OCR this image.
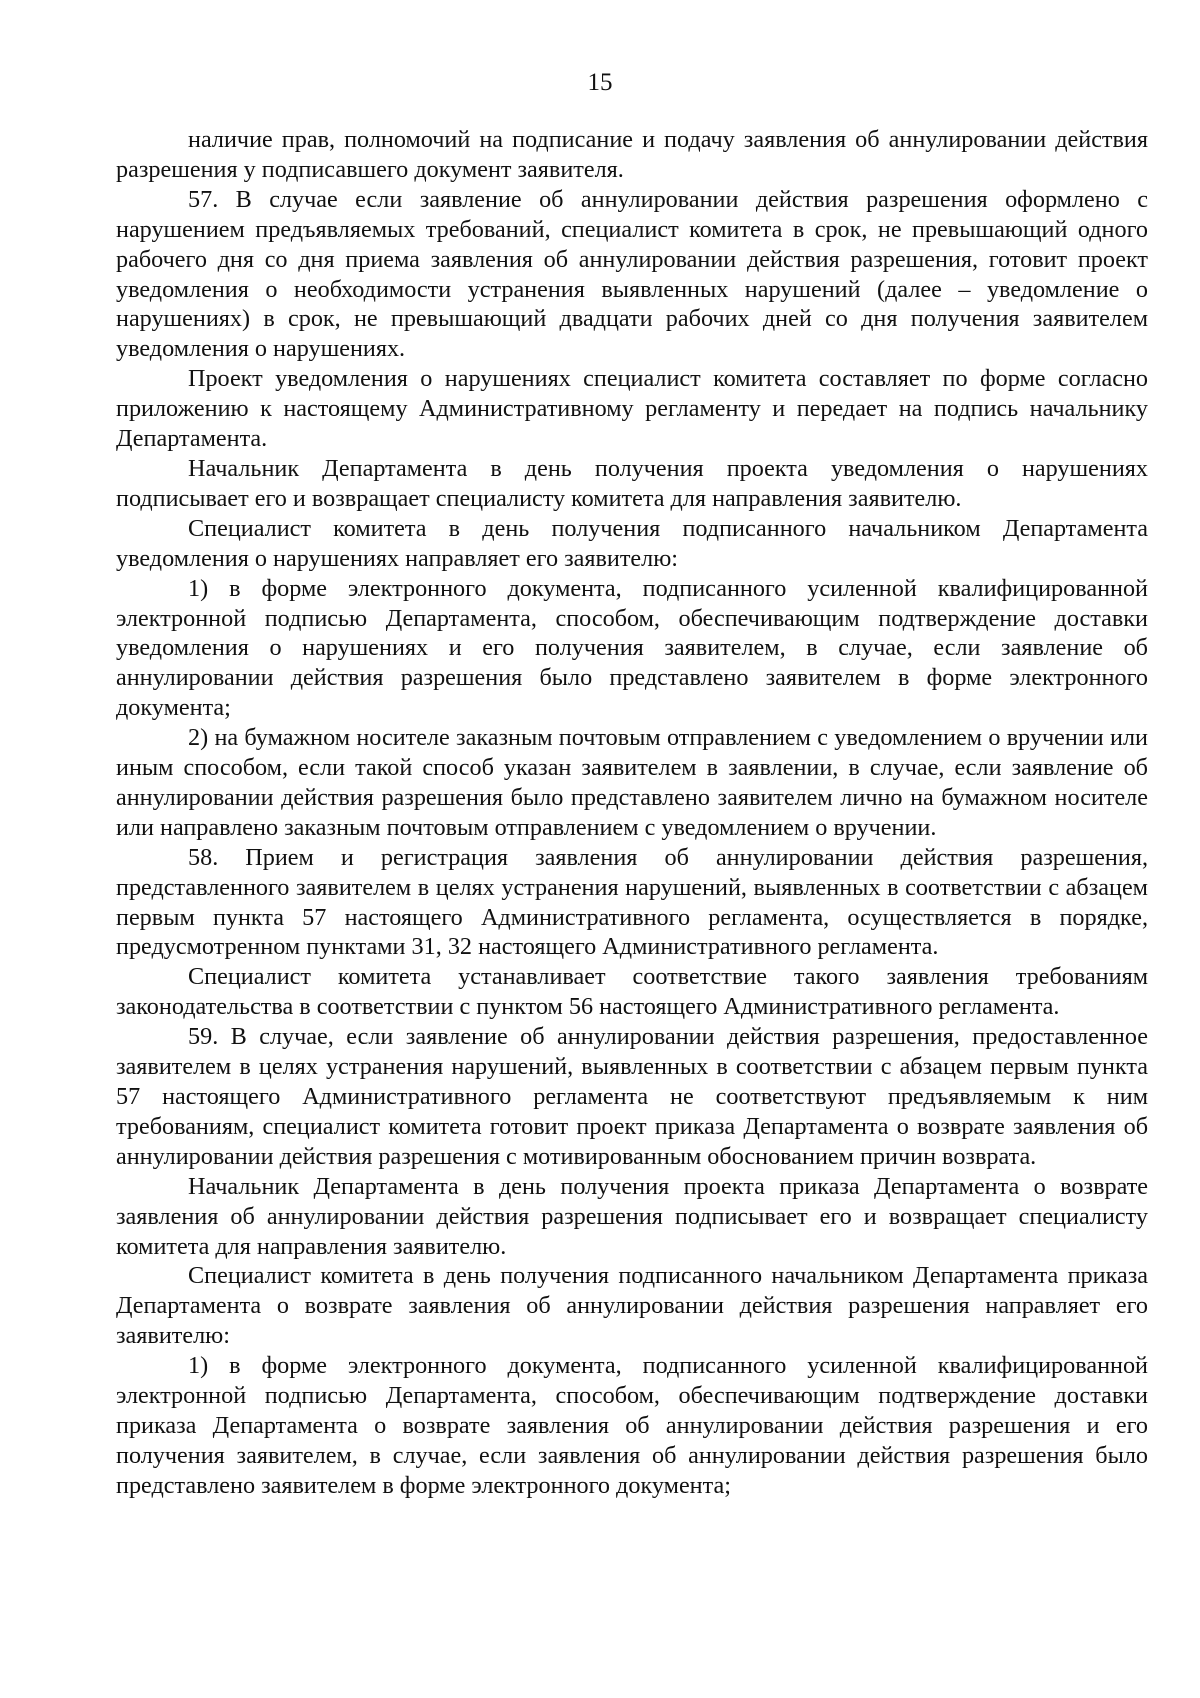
15

наличие прав, полномочий на подписание и подачу заявления об аннулировании действия разрешения у подписавшего документ заявителя.

57. В случае если заявление об аннулировании действия разрешения оформлено с нарушением предъявляемых требований, специалист комитета в срок, не превышающий одного рабочего дня со дня приема заявления об аннулировании действия разрешения, готовит проект уведомления о необходимости устранения выявленных нарушений (далее – уведомление о нарушениях) в срок, не превышающий двадцати рабочих дней со дня получения заявителем уведомления о нарушениях.

Проект уведомления о нарушениях специалист комитета составляет по форме согласно приложению к настоящему Административному регламенту и передает на подпись начальнику Департамента.

Начальник Департамента в день получения проекта уведомления о нарушениях подписывает его и возвращает специалисту комитета для направления заявителю.

Специалист комитета в день получения подписанного начальником Департамента уведомления о нарушениях направляет его заявителю:

1) в форме электронного документа, подписанного усиленной квалифицированной электронной подписью Департамента, способом, обеспечивающим подтверждение доставки уведомления о нарушениях и его получения заявителем, в случае, если заявление об аннулировании действия разрешения было представлено заявителем в форме электронного документа;

2) на бумажном носителе заказным почтовым отправлением с уведомлением о вручении или иным способом, если такой способ указан заявителем в заявлении, в случае, если заявление об аннулировании действия разрешения было представлено заявителем лично на бумажном носителе или направлено заказным почтовым отправлением с уведомлением о вручении.

58. Прием и регистрация заявления об аннулировании действия разрешения, представленного заявителем в целях устранения нарушений, выявленных в соответствии с абзацем первым пункта 57 настоящего Административного регламента, осуществляется в порядке, предусмотренном пунктами 31, 32 настоящего Административного регламента.

Специалист комитета устанавливает соответствие такого заявления требованиям законодательства в соответствии с пунктом 56 настоящего Административного регламента.

59. В случае, если заявление об аннулировании действия разрешения, предоставленное заявителем в целях устранения нарушений, выявленных в соответствии с абзацем первым пункта 57 настоящего Административного регламента не соответствуют предъявляемым к ним требованиям, специалист комитета готовит проект приказа Департамента о возврате заявления об аннулировании действия разрешения с мотивированным обоснованием причин возврата.

Начальник Департамента в день получения проекта приказа Департамента о возврате заявления об аннулировании действия разрешения подписывает его и возвращает специалисту комитета для направления заявителю.

Специалист комитета в день получения подписанного начальником Департамента приказа Департамента о возврате заявления об аннулировании действия разрешения направляет его заявителю:

1) в форме электронного документа, подписанного усиленной квалифицированной электронной подписью Департамента, способом, обеспечивающим подтверждение доставки приказа Департамента о возврате заявления об аннулировании действия разрешения и его получения заявителем, в случае, если заявления об аннулировании действия разрешения было представлено заявителем в форме электронного документа;
